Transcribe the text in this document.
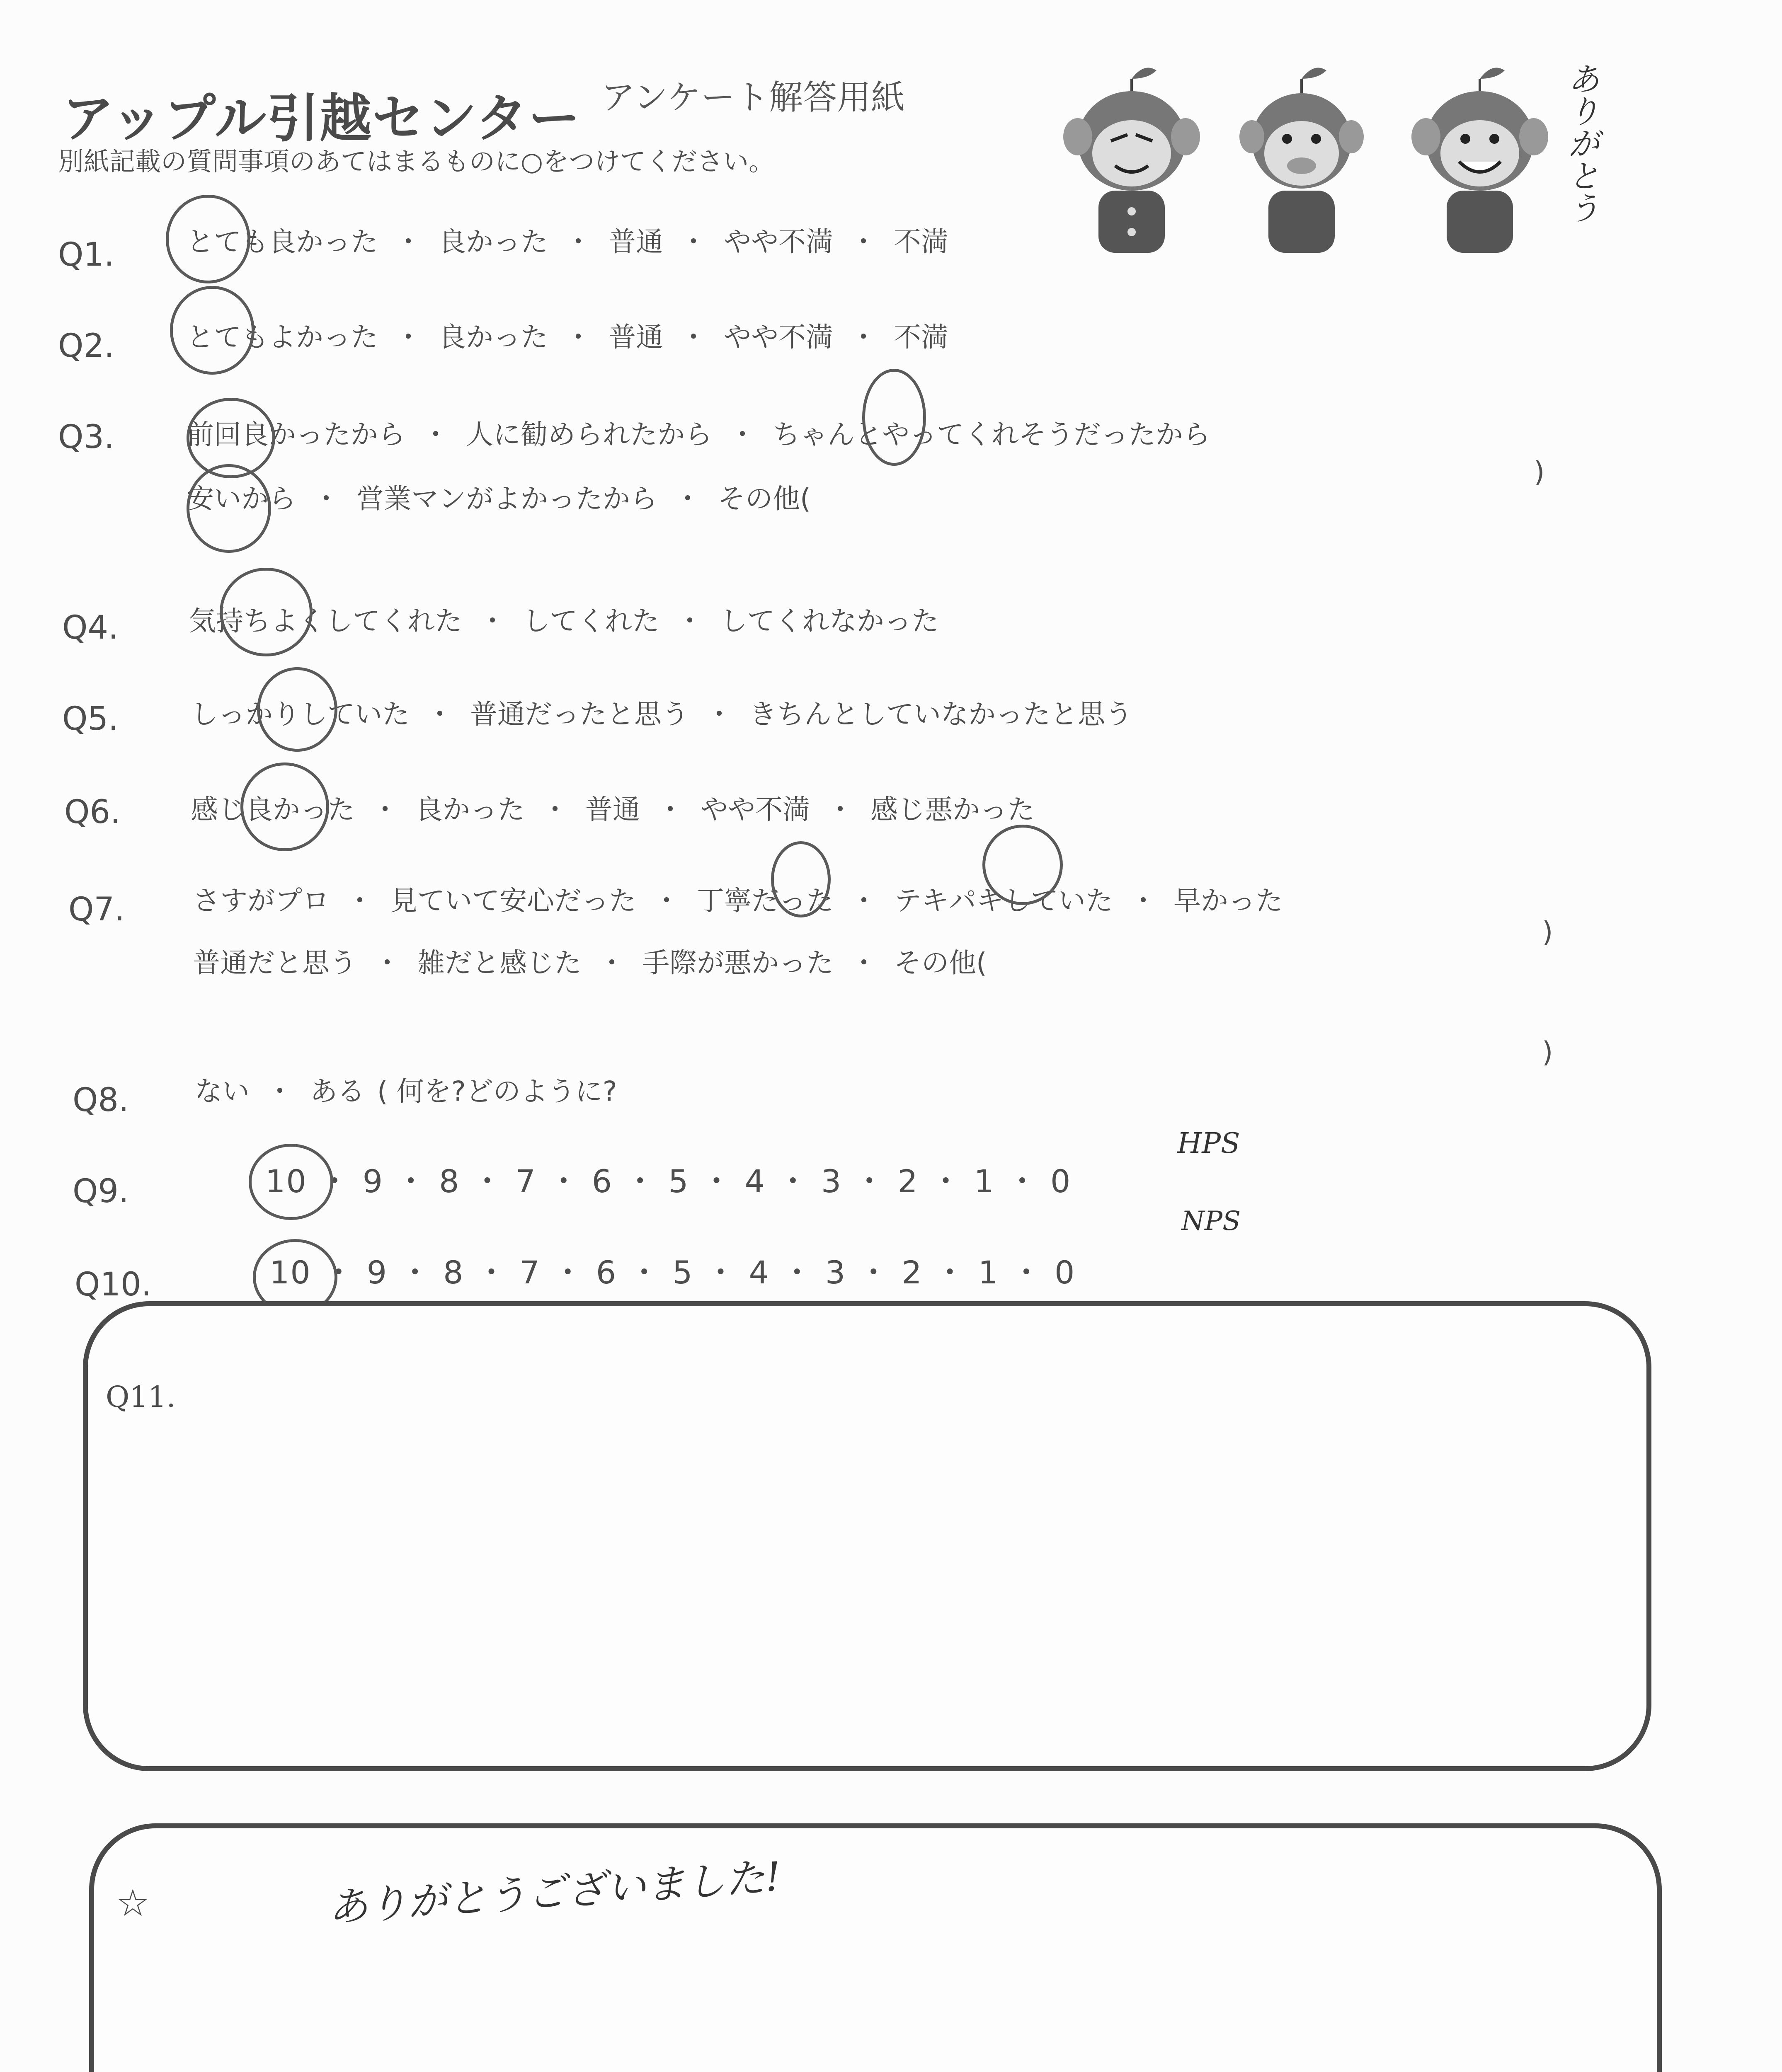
アップル引越センター アンケート解答用紙
別紙記載の質問事項のあてはまるものに○をつけてください。	ありがとう
Q1.	とても良かった ・ 良かった ・ 普通 ・ やや不満 ・ 不満
Q2.	とてもよかった ・ 良かった ・ 普通 ・ やや不満 ・ 不満
Q3.	前回良かったから ・ 人に勧められたから ・ ちゃんとやってくれそうだったから
安いから ・ 営業マンがよかったから ・ その他(
)
Q4.	気持ちよくしてくれた ・ してくれた ・ してくれなかった
Q5.	しっかりしていた ・ 普通だったと思う ・ きちんとしていなかったと思う
Q6.	感じ良かった ・ 良かった ・ 普通 ・ やや不満 ・ 感じ悪かった
Q7. さすがプロ ・ 見ていて安心だった ・ 丁寧だった ・ テキパキしていた ・ 早かった
普通だと思う ・ 雑だと感じた ・ 手際が悪かった ・ その他(
)
Q8. ない ・ ある ( 何を?どのように?
)
Q9.	10 ・ 9 ・ 8 ・ 7 ・ 6 ・ 5 ・ 4 ・ 3 ・ 2 ・ 1 ・ 0
HPS
Q10.	10 ・ 9 ・ 8 ・ 7 ・ 6 ・ 5 ・ 4 ・ 3 ・ 2 ・ 1 ・ 0
NPS
Q11.
☆	ありがとうございました!
